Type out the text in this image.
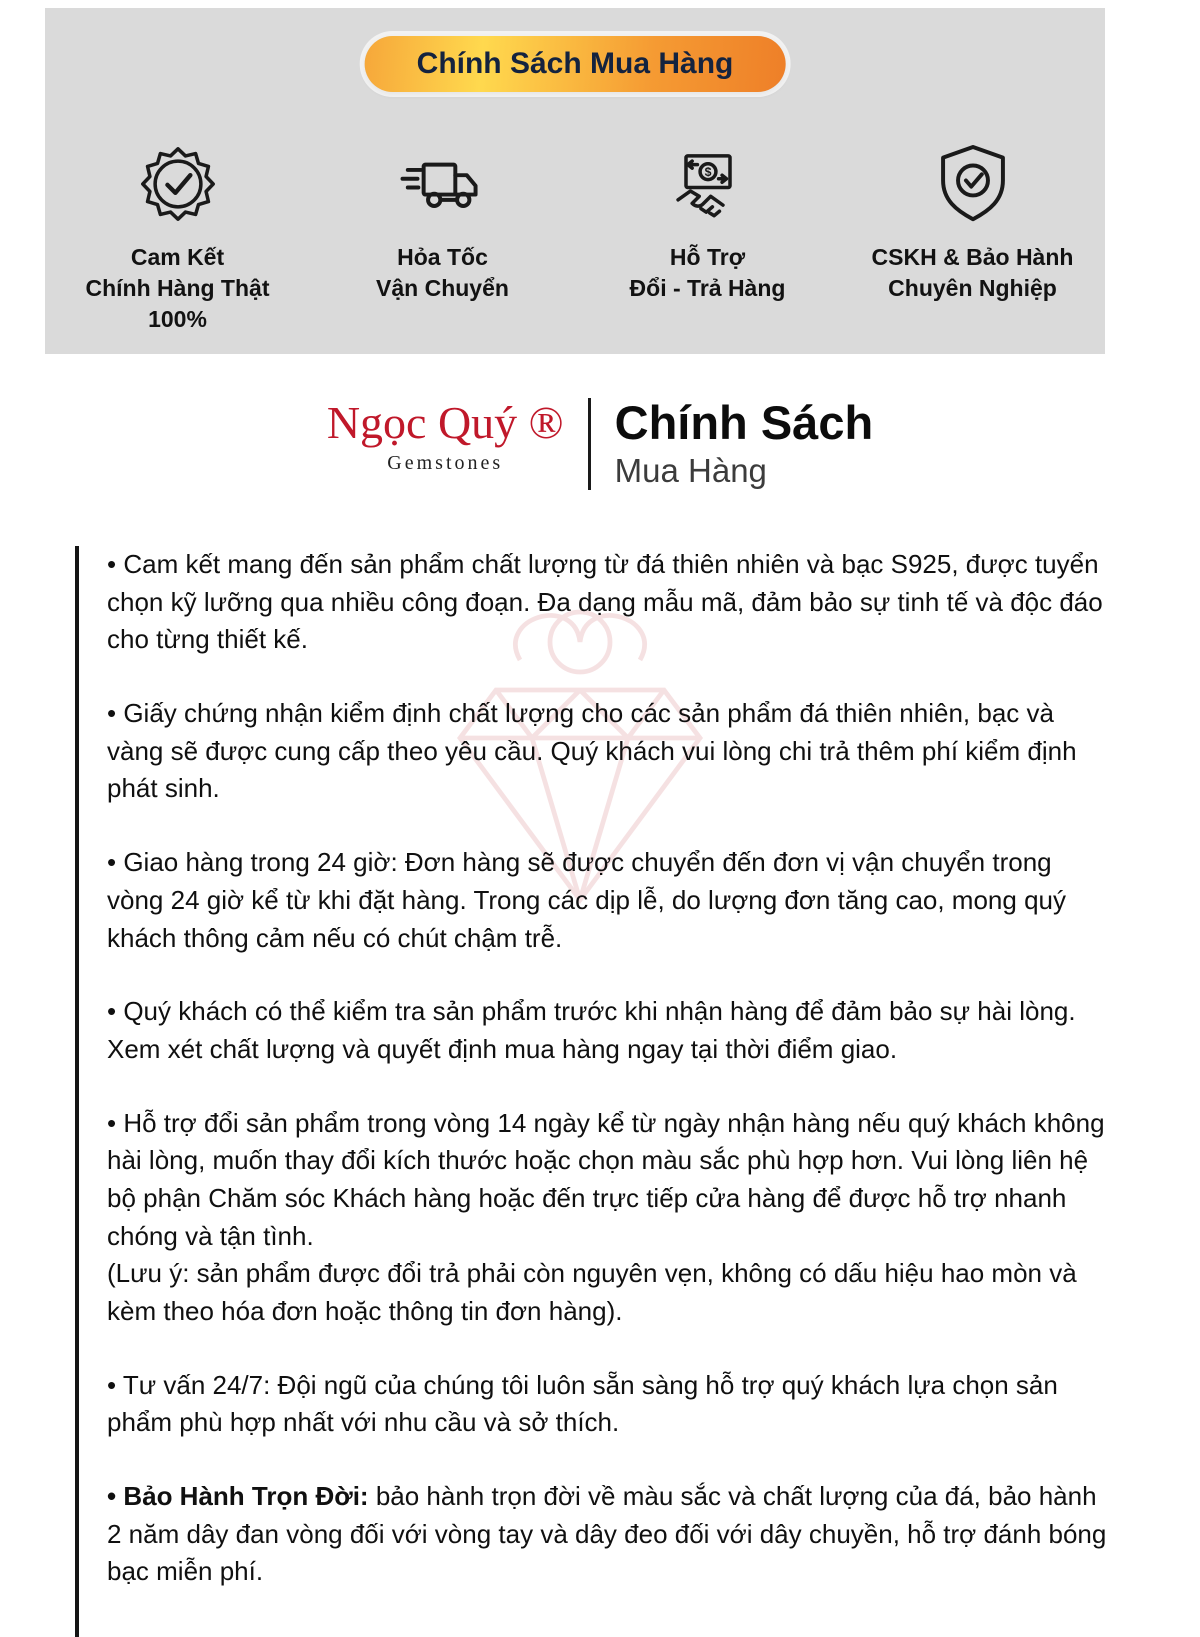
Chính Sách Mua Hàng
Cam Kết
Chính Hàng Thật
100%
Hỏa Tốc
Vận Chuyển
$
Hỗ Trợ
Đổi - Trả Hàng
CSKH & Bảo Hành
Chuyên Nghiệp
Ngọc Quý ®
Gemstones
Chính Sách
Mua Hàng

• Cam kết mang đến sản phẩm chất lượng từ đá thiên nhiên và bạc S925, được tuyển chọn kỹ lưỡng qua nhiều công đoạn. Đa dạng mẫu mã, đảm bảo sự tinh tế và độc đáo cho từng thiết kế.

• Giấy chứng nhận kiểm định chất lượng cho các sản phẩm đá thiên nhiên, bạc và vàng sẽ được cung cấp theo yêu cầu. Quý khách vui lòng chi trả thêm phí kiểm định phát sinh.

• Giao hàng trong 24 giờ: Đơn hàng sẽ được chuyển đến đơn vị vận chuyển trong vòng 24 giờ kể từ khi đặt hàng. Trong các dịp lễ, do lượng đơn tăng cao, mong quý khách thông cảm nếu có chút chậm trễ.

• Quý khách có thể kiểm tra sản phẩm trước khi nhận hàng để đảm bảo sự hài lòng. Xem xét chất lượng và quyết định mua hàng ngay tại thời điểm giao.

• Hỗ trợ đổi sản phẩm trong vòng 14 ngày kể từ ngày nhận hàng nếu quý khách không hài lòng, muốn thay đổi kích thước hoặc chọn màu sắc phù hợp hơn. Vui lòng liên hệ bộ phận Chăm sóc Khách hàng hoặc đến trực tiếp cửa hàng để được hỗ trợ nhanh chóng và tận tình.

(Lưu ý: sản phẩm được đổi trả phải còn nguyên vẹn, không có dấu hiệu hao mòn và kèm theo hóa đơn hoặc thông tin đơn hàng).

• Tư vấn 24/7: Đội ngũ của chúng tôi luôn sẵn sàng hỗ trợ quý khách lựa chọn sản phẩm phù hợp nhất với nhu cầu và sở thích.

• Bảo Hành Trọn Đời: bảo hành trọn đời về màu sắc và chất lượng của đá, bảo hành 2 năm dây đan vòng đối với vòng tay và dây đeo đối với dây chuyền, hỗ trợ đánh bóng bạc miễn phí.
